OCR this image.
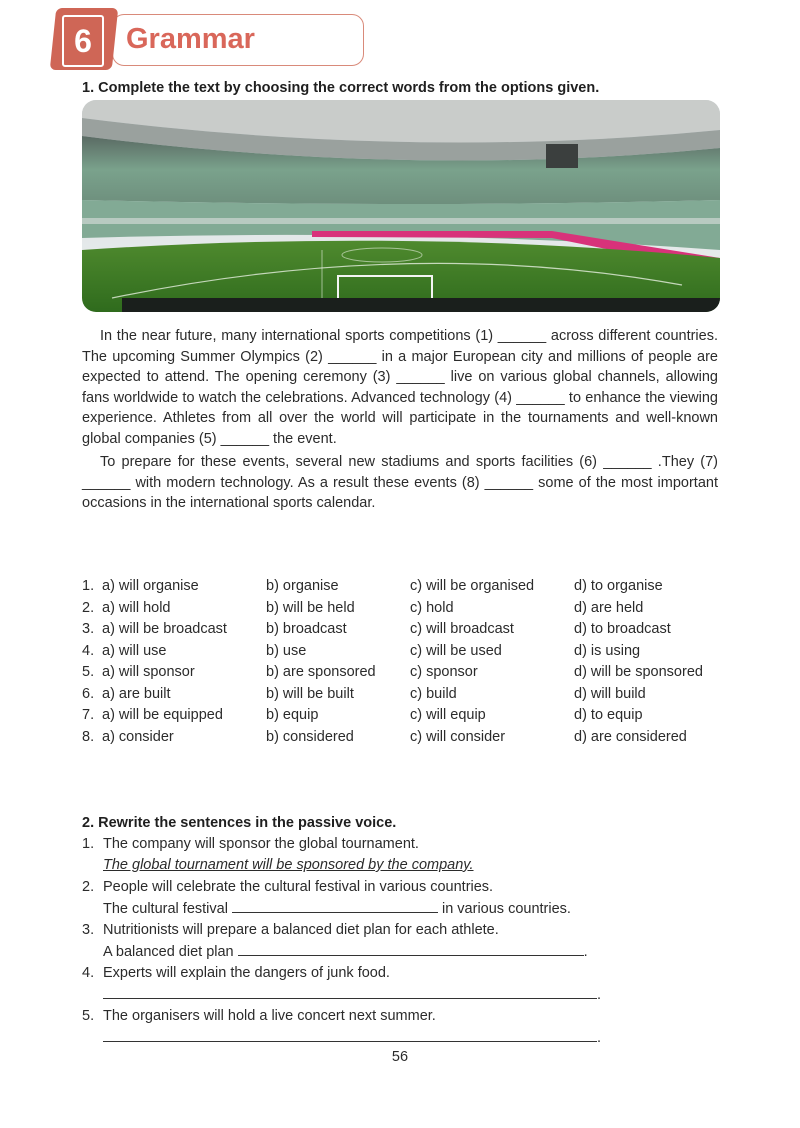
Grammar
6
1. Complete the text by choosing the correct words from the options given.

In the near future, many international sports competitions (1) ______ across different countries. The upcoming Summer Olympics (2) ______ in a major European city and millions of people are expected to attend. The opening ceremony (3) ______ live on various global channels, allowing fans worldwide to watch the celebrations. Advanced technology (4) ______ to enhance the viewing experience. Athletes from all over the world will participate in the tournaments and well-known global companies (5) ______ the event.

To prepare for these events, several new stadiums and sports facilities (6) ______ .They (7) ______ with modern technology. As a result these events (8) ______ some of the most important occasions in the international sports calendar.

1. a) will organise	b) organise	c) will be organised	d) to organise
2. a) will hold	b) will be held	c) hold	d) are held
3. a) will be broadcast	b) broadcast	c) will broadcast	d) to broadcast
4. a) will use	b) use	c) will be used	d) is using
5. a) will sponsor	b) are sponsored c) sponsor	d) will be sponsored
6. a) are built	b) will be built	c) build	d) will build
7. a) will be equipped	b) equip	c) will equip	d) to equip
8. a) consider	b) considered	c) will consider	d) are considered
2. Rewrite the sentences in the passive voice.
1. The company will sponsor the global tournament.
The global tournament will be sponsored by the company.
2. People will celebrate the cultural festival in various countries.
The cultural festival	in various countries.
3. Nutritionists will prepare a balanced diet plan for each athlete.
A balanced diet plan	.
4. Experts will explain the dangers of junk food.
.
5. The organisers will hold a live concert next summer.
.
56
